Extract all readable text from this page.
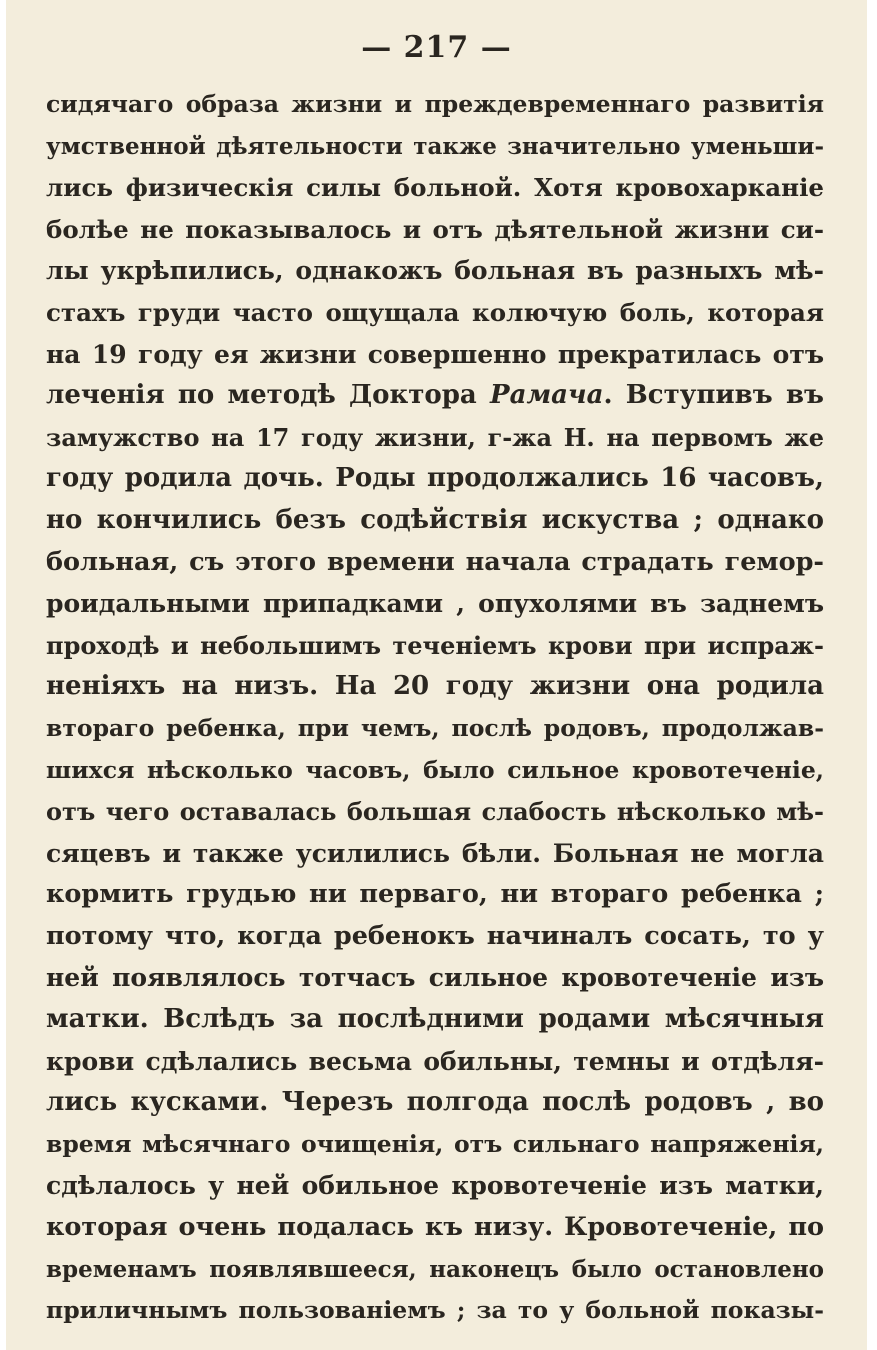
— 217 —
сидячаго образа жизни и преждевременнаго развитія
умственной дѣятельности также значительно уменьши-
лись физическія силы больной. Хотя кровохарканіе
болѣе не показывалось и отъ дѣятельной жизни си-
лы укрѣпились, однакожъ больная въ разныхъ мѣ-
стахъ груди часто ощущала колючую боль, которая
на 19 году ея жизни совершенно прекратилась отъ
леченія по методѣ Доктора Рамача. Вступивъ въ
замужство на 17 году жизни, г-жа Н. на первомъ же
году родила дочь. Роды продолжались 16 часовъ,
но кончились безъ содѣйствія искуства ; однако
больная, съ этого времени начала страдать гемор-
роидальными припадками , опухолями въ заднемъ
проходѣ и небольшимъ теченіемъ крови при испраж-
неніяхъ на низъ. На 20 году жизни она родила
втораго ребенка, при чемъ, послѣ родовъ, продолжав-
шихся нѣсколько часовъ, было сильное кровотеченіе,
отъ чего оставалась большая слабость нѣсколько мѣ-
сяцевъ и также усилились бѣли. Больная не могла
кормить грудью ни перваго, ни втораго ребенка ;
потому что, когда ребенокъ начиналъ сосать, то у
ней появлялось тотчасъ сильное кровотеченіе изъ
матки. Вслѣдъ за послѣдними родами мѣсячныя
крови сдѣлались весьма обильны, темны и отдѣля-
лись кусками. Черезъ полгода послѣ родовъ , во
время мѣсячнаго очищенія, отъ сильнаго напряженія,
сдѣлалось у ней обильное кровотеченіе изъ матки,
которая очень подалась къ низу. Кровотеченіе, по
временамъ появлявшееся, наконецъ было остановлено
приличнымъ пользованіемъ ; за то у больной показы-
